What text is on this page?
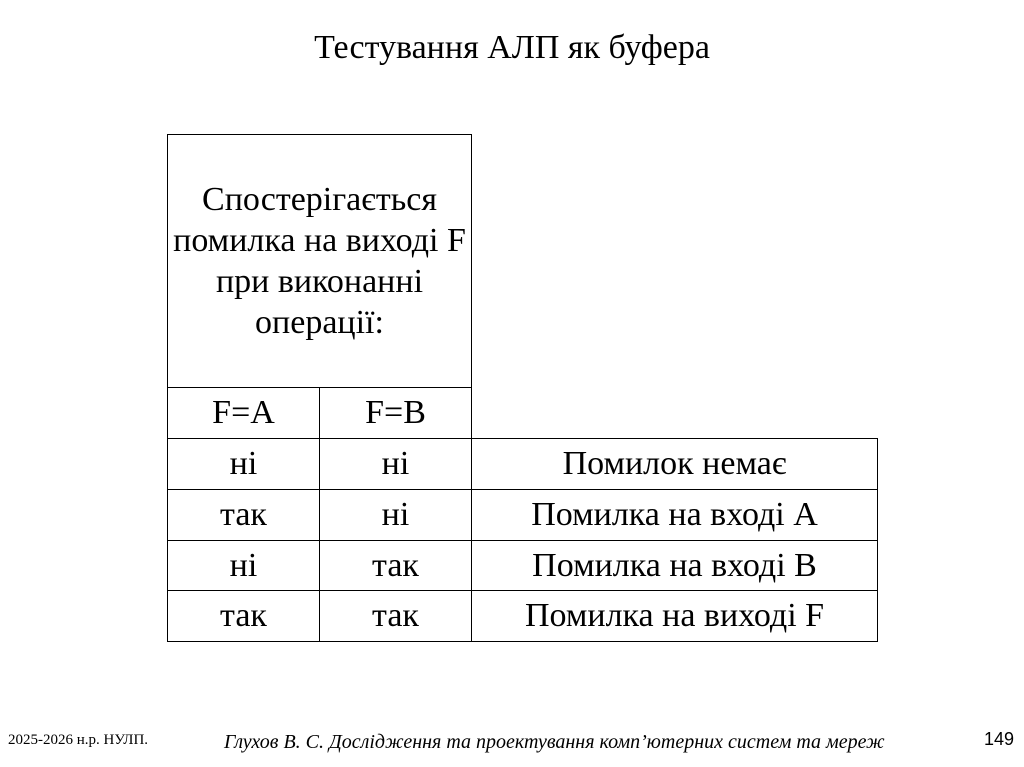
Тестування АЛП як буфера
Спостерігається помилка на виході F при виконанні операції:
F=A	F=B
ні	ні	Помилок немає
так	ні	Помилка на вході A
ні	так	Помилка на вході B
так	так	Помилка на виході F
2025-2026 н.р. НУЛП.	Глухов В. С. Дослідження та проектування комп’ютерних систем та мереж	149
